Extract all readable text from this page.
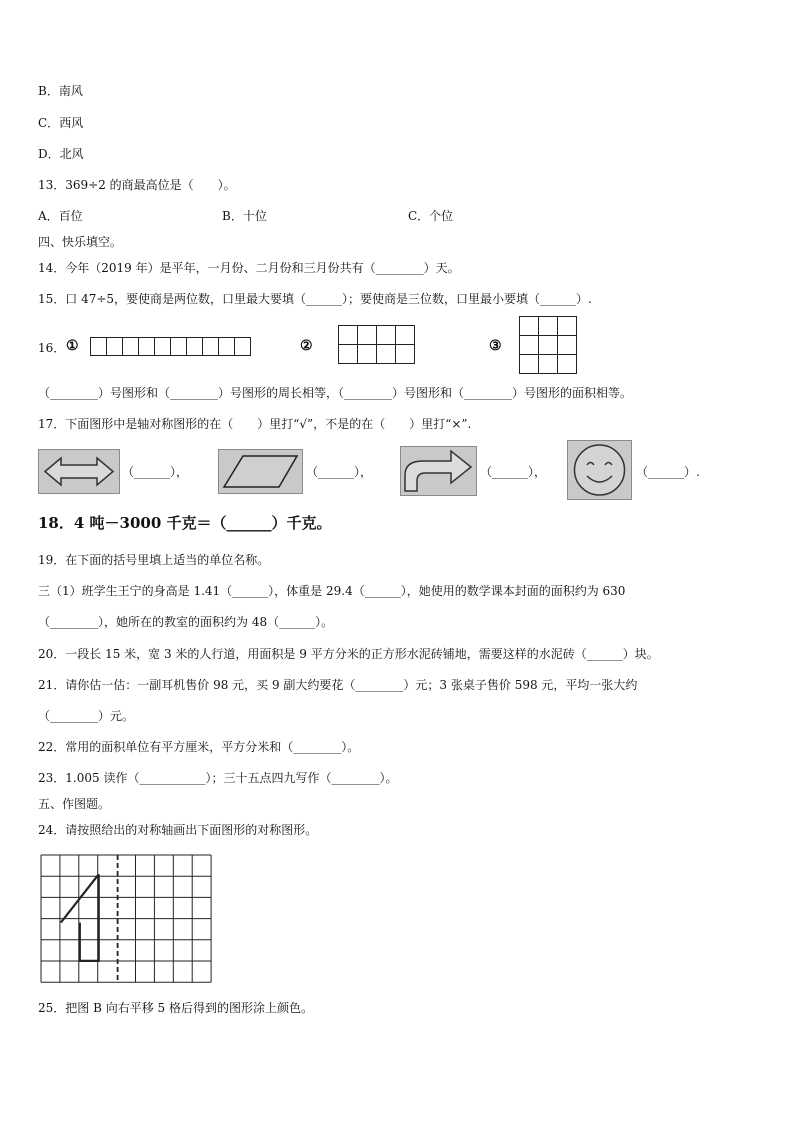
B．南风
C．西风
D．北风
13．369÷2 的商最高位是（　　）。
A．百位	B．十位	C．个位
四、快乐填空。
14．今年（2019 年）是平年，一月份、二月份和三月份共有（________）天。
15．口 47÷5，要使商是两位数，口里最大要填（______）；要使商是三位数，口里最小要填（______）.
16． ①	②	③
（________）号图形和（________）号图形的周长相等，（________）号图形和（________）号图形的面积相等。
17．下面图形中是轴对称图形的在（　　）里打“√”，不是的在（　　）里打“×”.
（______），	（______），	（______），	（______）.
18．4 吨－3000 千克＝（______）千克。
19．在下面的括号里填上适当的单位名称。
三（1）班学生王宁的身高是 1.41（______），体重是 29.4（______），她使用的数学课本封面的面积约为 630
（________），她所在的教室的面积约为 48（______）。
20．一段长 15 米，宽 3 米的人行道，用面积是 9 平方分米的正方形水泥砖铺地，需要这样的水泥砖（______）块。
21．请你估一估：一副耳机售价 98 元，买 9 副大约要花（________）元；3 张桌子售价 598 元，平均一张大约
（________）元。
22．常用的面积单位有平方厘米，平方分米和（________）。
23．1.005 读作（___________）；三十五点四九写作（________）。
五、作图题。
24．请按照给出的对称轴画出下面图形的对称图形。
25．把图 B 向右平移 5 格后得到的图形涂上颜色。
